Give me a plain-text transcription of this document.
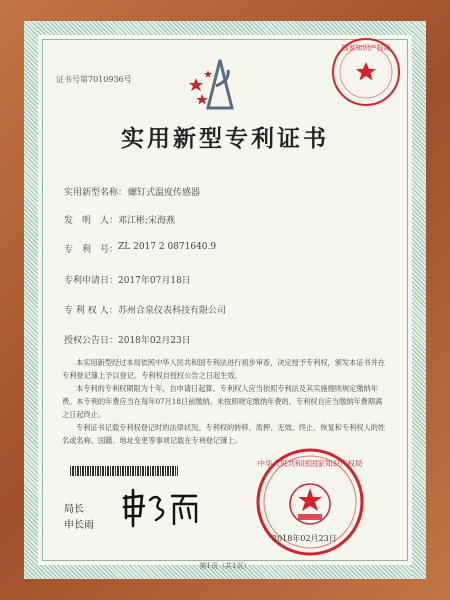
证书号第7010936号
国家知识产权局
实用新型专利证书
实用新型名称： 螺钉式温度传感器
发　明　人： 邓江彬;宋海燕
专　利　号： ZL 2017 2 0871640.9
专利申请日： 2017年07月18日
专 利 权 人： 苏州合泉仪表科技有限公司
授权公告日： 2018年02月23日

本实用新型经过本局依照中华人民共和国专利法进行初步审查，决定授予专利权，颁发本证书并在专利登记簿上予以登记。专利权自授权公告之日起生效。

本专利的专利权期限为十年，自申请日起算。专利权人应当依照专利法及其实施细则规定缴纳年费。本专利的年费应当在每年07月18日前缴纳。未按照规定缴纳年费的，专利权自应当缴纳年费期满之日起终止。

专利证书记载专利权登记时的法律状况。专利权的转移、质押、无效、终止、恢复和专利权人的姓名或名称、国籍、地址变更等事项记载在专利登记簿上。

局长
申长雨
中华人民共和国国家知识产权局
2018年02月23日
第1页（共1页）
